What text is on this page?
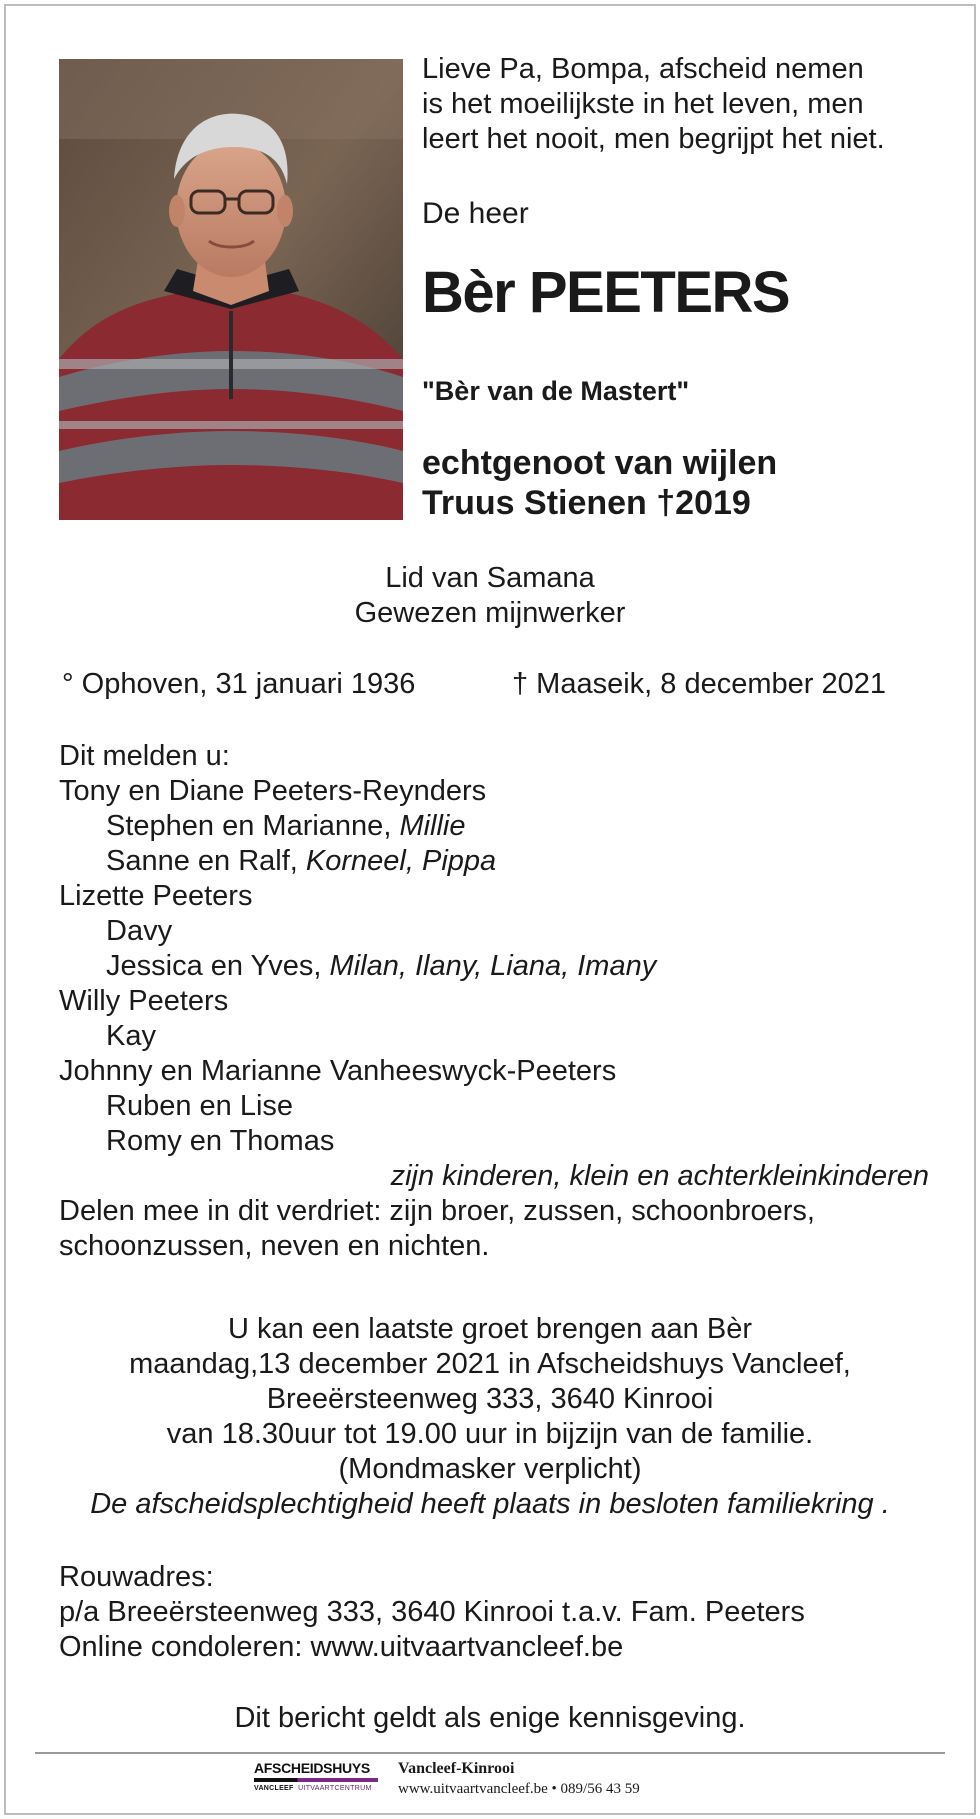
Lieve Pa, Bompa, afscheid nemen
is het moeilijkste in het leven, men
leert het nooit, men begrijpt het niet.
De heer
Bèr PEETERS
"Bèr van de Mastert"
echtgenoot van wijlen
Truus Stienen †2019
Lid van Samana
Gewezen mijnwerker
° Ophoven, 31 januari 1936	† Maaseik, 8 december 2021
Dit melden u:
Tony en Diane Peeters-Reynders
Stephen en Marianne, Millie
Sanne en Ralf, Korneel, Pippa
Lizette Peeters
Davy
Jessica en Yves, Milan, Ilany, Liana, Imany
Willy Peeters
Kay
Johnny en Marianne Vanheeswyck-Peeters
Ruben en Lise
Romy en Thomas
zijn kinderen, klein en achterkleinkinderen
Delen mee in dit verdriet: zijn broer, zussen, schoonbroers,
schoonzussen, neven en nichten.
U kan een laatste groet brengen aan Bèr
maandag,13 december 2021 in Afscheidshuys Vancleef,
Breeërsteenweg 333, 3640 Kinrooi
van 18.30uur tot 19.00 uur in bijzijn van de familie.
(Mondmasker verplicht)
De afscheidsplechtigheid heeft plaats in besloten familiekring .
Rouwadres:
p/a Breeërsteenweg 333, 3640 Kinrooi t.a.v. Fam. Peeters
Online condoleren: www.uitvaartvancleef.be
Dit bericht geldt als enige kennisgeving.
AFSCHEIDSHUYS
VANCLEEF UITVAARTCENTRUM
Vancleef-Kinrooi
www.uitvaartvancleef.be • 089/56 43 59
